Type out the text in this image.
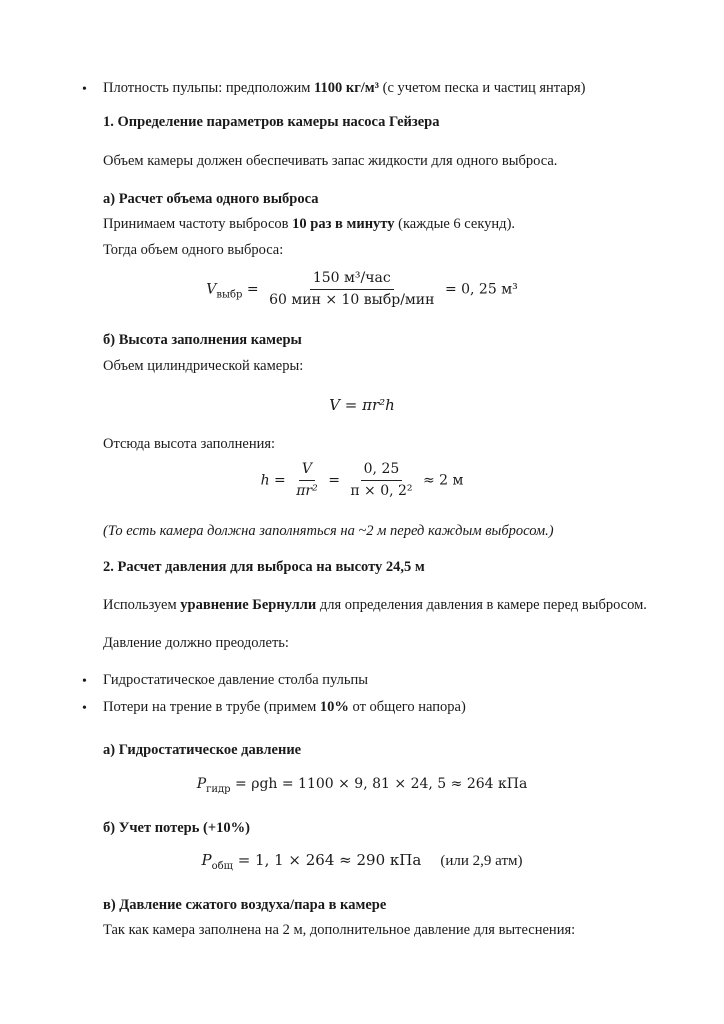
• Плотность пульпы: предположим 1100 кг/м³ (с учетом песка и частиц янтаря)
1. Определение параметров камеры насоса Гейзера
Объем камеры должен обеспечивать запас жидкости для одного выброса.
а) Расчет объема одного выброса
Принимаем частоту выбросов 10 раз в минуту (каждые 6 секунд).
Тогда объем одного выброса:
$V_{выбр} = \frac{\text{150 м³/час}}{\text{60 мин × 10 выбр/мин}} = 0$, 25 м³
б) Высота заполнения камеры
Объем цилиндрической камеры:
V = πr²h
Отсюда высота заполнения:
$h = \frac{V}{\text{πr²}} = \frac{0, 25}{\text{π × 0, 2²}} \approx 2$ м
(То есть камера должна заполняться на ~2 м перед каждым выбросом.)
2. Расчет давления для выброса на высоту 24,5 м
Используем уравнение Бернулли для определения давления в камере перед выбросом.
Давление должно преодолеть:
• Гидростатическое давление столба пульпы
• Потери на трение в трубе (примем 10% от общего напора)
а) Гидростатическое давление
$P_{гидр} = \rho gh = 1100 \times 9$, 81 × 24, 5 ≈ 264 кПа
б) Учет потерь (+10%)
$P_{общ} = 1$, 1 × 264 ≈ 290 кПа (или 2,9 атм)
в) Давление сжатого воздуха/пара в камере
Так как камера заполнена на 2 м, дополнительное давление для вытеснения:
